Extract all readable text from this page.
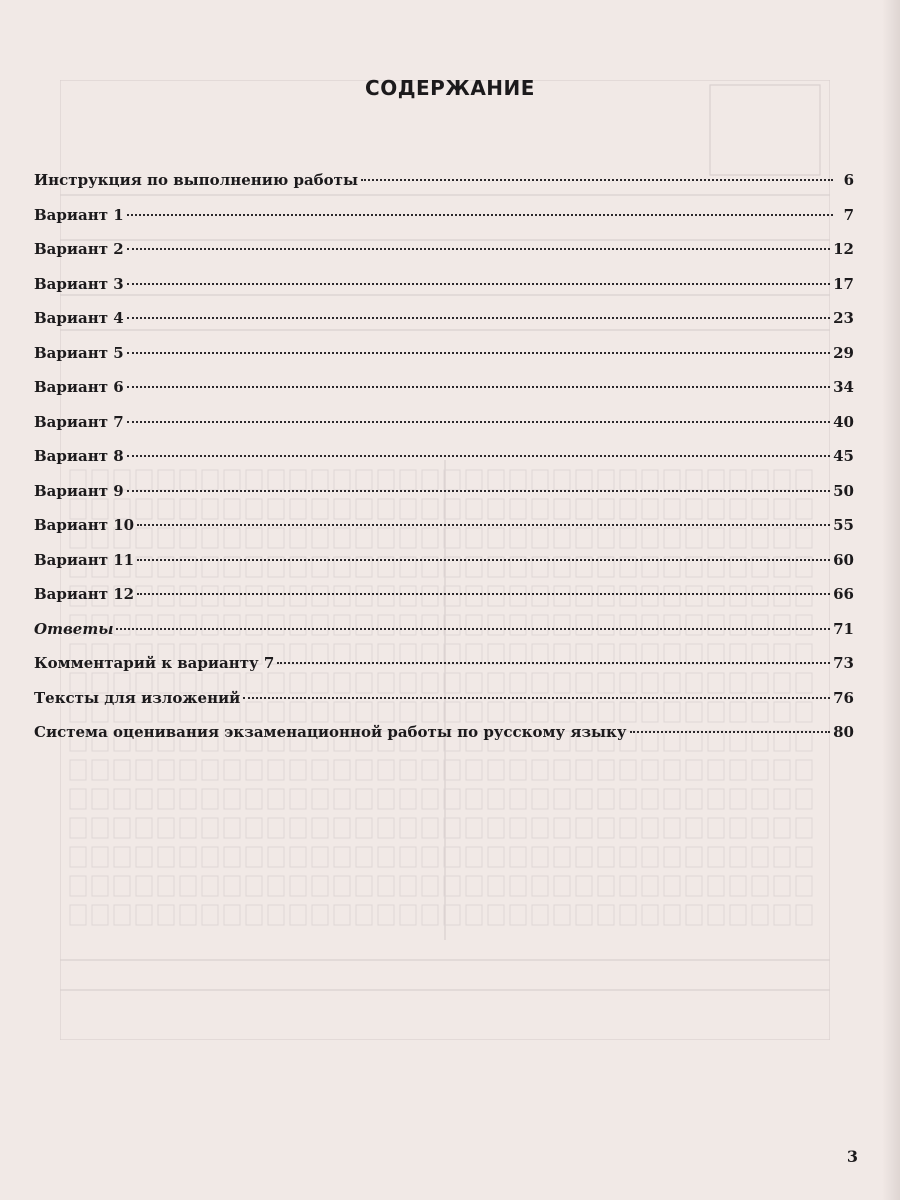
СОДЕРЖАНИЕ
Инструкция по выполнению работы	6
Вариант 1	7
Вариант 2	12
Вариант 3	17
Вариант 4	23
Вариант 5	29
Вариант 6	34
Вариант 7	40
Вариант 8	45
Вариант 9	50
Вариант 10	55
Вариант 11	60
Вариант 12	66
Ответы	71
Комментарий к варианту 7	73
Тексты для изложений	76
Система оценивания экзаменационной работы по русскому языку	80
3
